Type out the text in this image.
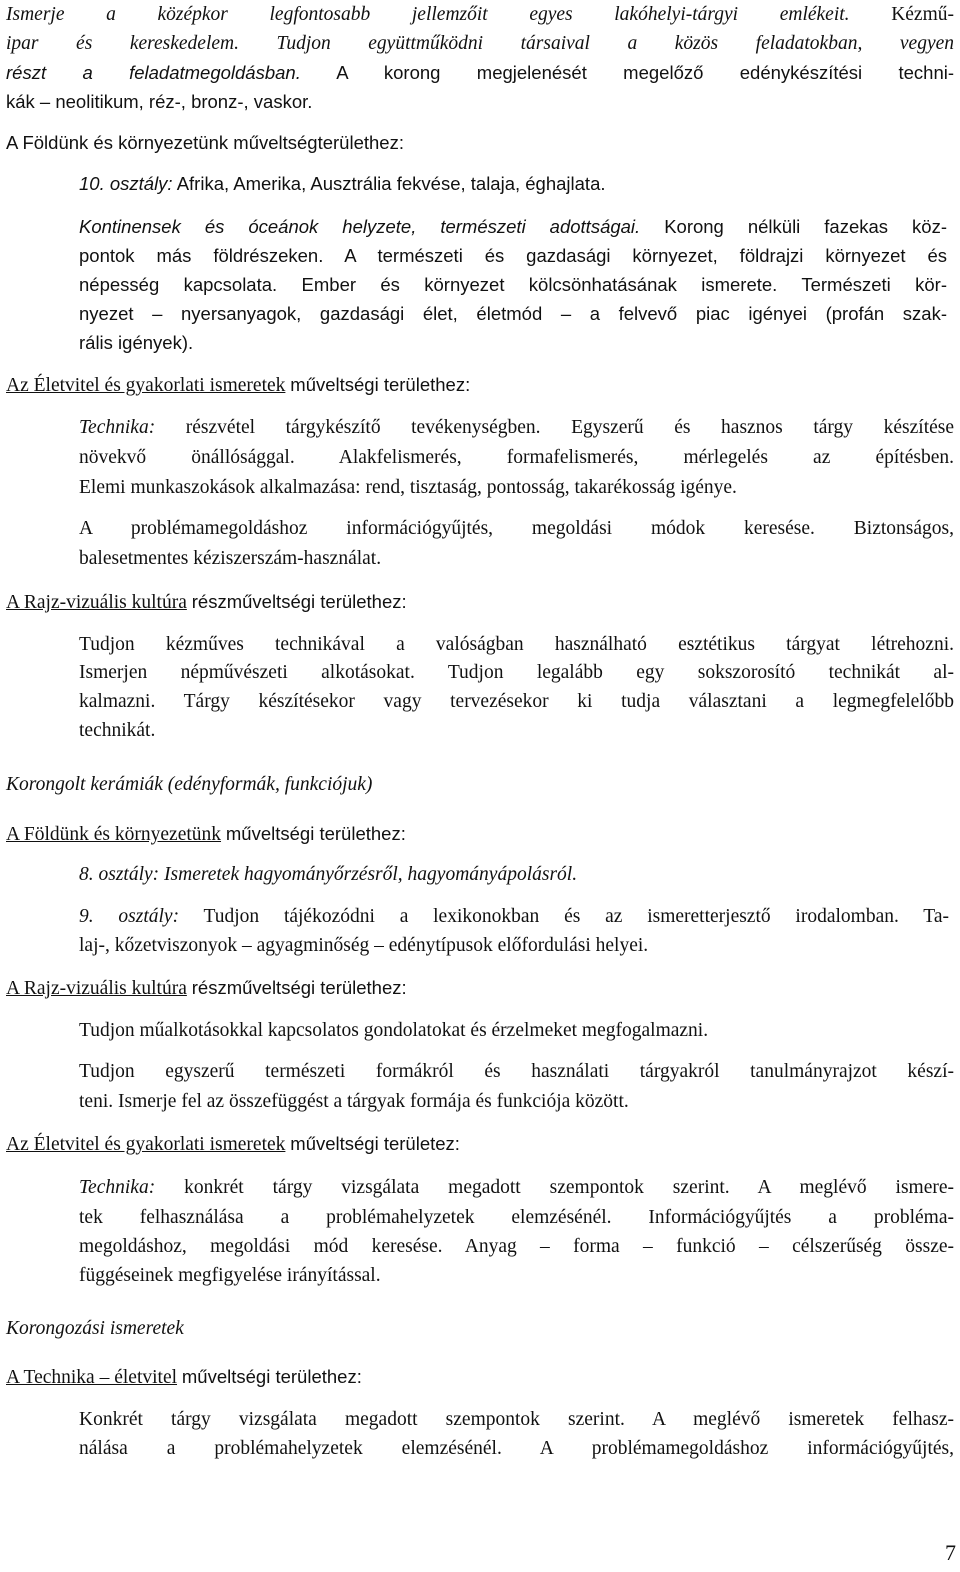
Ismerje a középkor legfontosabb jellemzőit egyes lakóhelyi-tárgyi emlékeit. Kézmű-
ipar és kereskedelem. Tudjon együttműködni társaival a közös feladatokban, vegyen
részt a feladatmegoldásban. A korong megjelenését megelőző edénykészítési techni-
kák – neolitikum, réz-, bronz-, vaskor.
A Földünk és környezetünk műveltségterülethez:
10. osztály: Afrika, Amerika, Ausztrália fekvése, talaja, éghajlata.
Kontinensek és óceánok helyzete, természeti adottságai. Korong nélküli fazekas köz-
pontok más földrészeken. A természeti és gazdasági környezet, földrajzi környezet és
népesség kapcsolata. Ember és környezet kölcsönhatásának ismerete. Természeti kör-
nyezet – nyersanyagok, gazdasági élet, életmód – a felvevő piac igényei (profán szak-
rális igények).
Az Életvitel és gyakorlati ismeretek műveltségi területhez:
Technika: részvétel tárgykészítő tevékenységben. Egyszerű és hasznos tárgy készítése
növekvő önállósággal. Alakfelismerés, formafelismerés, mérlegelés az építésben.
Elemi munkaszokások alkalmazása: rend, tisztaság, pontosság, takarékosság igénye.
A problémamegoldáshoz információgyűjtés, megoldási módok keresése. Biztonságos,
balesetmentes kéziszerszám-használat.
A Rajz-vizuális kultúra részműveltségi területhez:
Tudjon kézműves technikával a valóságban használható esztétikus tárgyat létrehozni.
Ismerjen népművészeti alkotásokat. Tudjon legalább egy sokszorosító technikát al-
kalmazni. Tárgy készítésekor vagy tervezésekor ki tudja választani a legmegfelelőbb
technikát.
Korongolt kerámiák (edényformák, funkciójuk)
A Földünk és környezetünk műveltségi területhez:
8. osztály: Ismeretek hagyományőrzésről, hagyományápolásról.
9. osztály: Tudjon tájékozódni a lexikonokban és az ismeretterjesztő irodalomban. Ta-
laj-, kőzetviszonyok – agyagminőség – edénytípusok előfordulási helyei.
A Rajz-vizuális kultúra részműveltségi területhez:
Tudjon műalkotásokkal kapcsolatos gondolatokat és érzelmeket megfogalmazni.
Tudjon egyszerű természeti formákról és használati tárgyakról tanulmányrajzot készí-
teni. Ismerje fel az összefüggést a tárgyak formája és funkciója között.
Az Életvitel és gyakorlati ismeretek műveltségi területez:
Technika: konkrét tárgy vizsgálata megadott szempontok szerint. A meglévő ismere-
tek felhasználása a problémahelyzetek elemzésénél. Információgyűjtés a probléma-
megoldáshoz, megoldási mód keresése. Anyag – forma – funkció – célszerűség össze-
függéseinek megfigyelése irányítással.
Korongozási ismeretek
A Technika – életvitel műveltségi területhez:
Konkrét tárgy vizsgálata megadott szempontok szerint. A meglévő ismeretek felhasz-
nálása a problémahelyzetek elemzésénél. A problémamegoldáshoz információgyűjtés,
7
